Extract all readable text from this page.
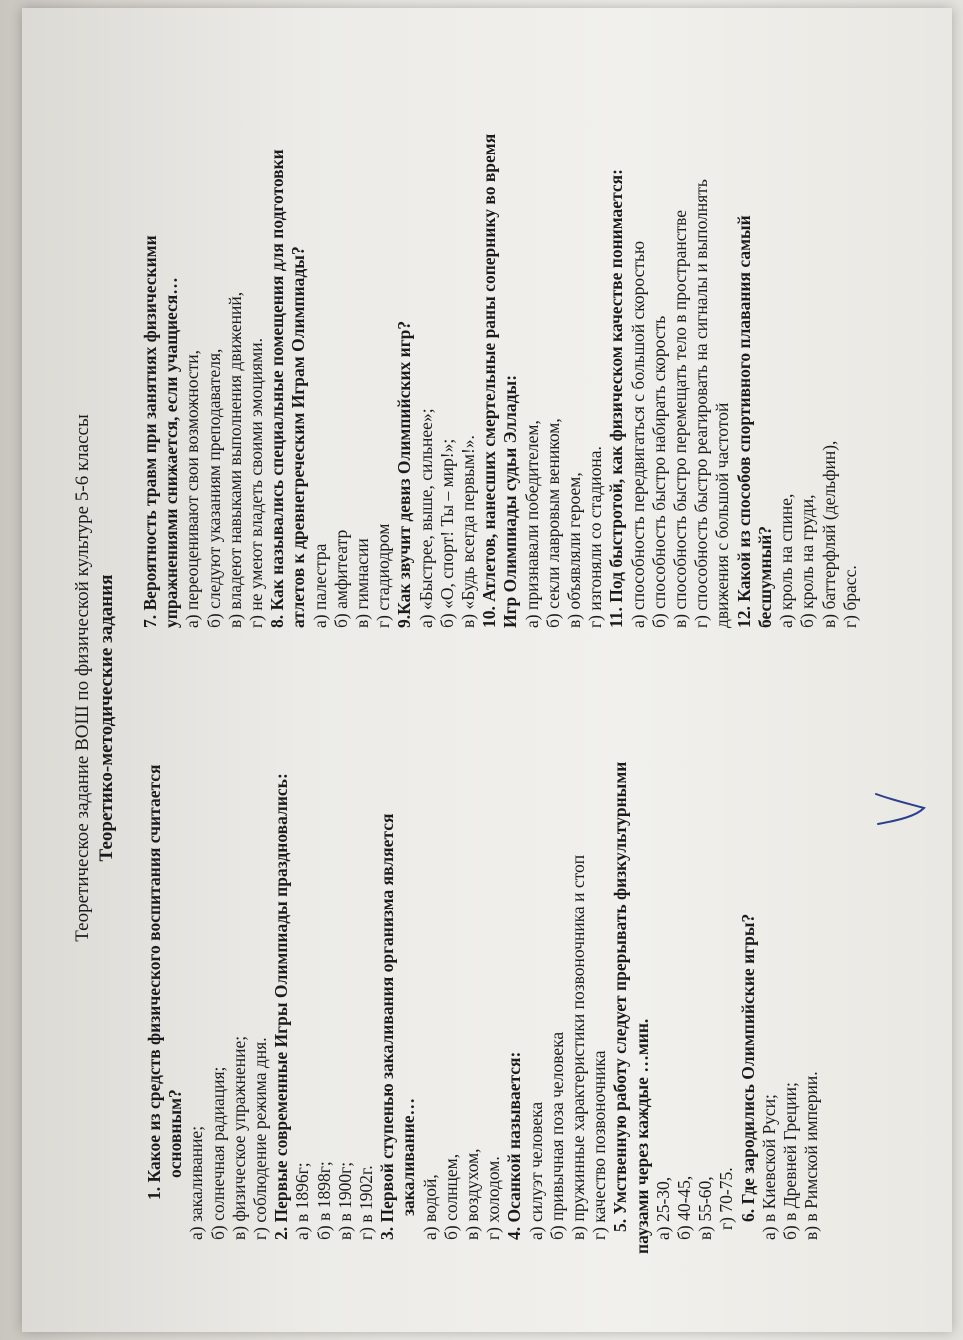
Теоретическое задание ВОШ по физической культуре 5-6 классы Теоретико-методические задания
1. Какое из средств физического воспитания считается основным? а) закаливание; б) солнечная радиация; в) физическое упражнение; г) соблюдение режима дня. 2. Первые современные Игры Олимпиады праздновались: а) в 1896г; б) в 1898г; в) в 1900г; г) в 1902г. 3. Первой ступенью закаливания организма является закаливание… а) водой, б) солнцем, в) воздухом, г) холодом. 4. Осанкой называется: а) силуэт человека б) привычная поза человека в) пружинные характеристики позвоночника и стоп г) качество позвоночника 5. Умственную работу следует прерывать физкультурными паузами через каждые …мин. а) 25-30, б) 40-45, в) 55-60, г) 70-75. 6. Где зародились Олимпийские игры? а) в Киевской Руси; б) в Древней Греции; в) в Римской империи.
7. Вероятность травм при занятиях физическими упражнениями снижается, если учащиеся… а) переоценивают свои возможности, б) следуют указаниям преподавателя, в) владеют навыками выполнения движений, г) не умеют владеть своими эмоциями. 8. Как назывались специальные помещения для подготовки атлетов к древнегреческим Играм Олимпиады? а) палестра б) амфитеатр в) гимнасии г) стадиодром 9.Как звучит девиз Олимпийских игр? а) «Быстрее, выше, сильнее»; б) «О, спорт! Ты – мир!»; в) «Будь всегда первым!». 10. Атлетов, нанесших смертельные раны сопернику во время Игр Олимпиады судьи Эллады: а) признавали победителем, б) секли лавровым веником, в) объявляли героем, г) изгоняли со стадиона. 11. Под быстротой, как физическом качестве понимается: а) способность передвигаться с большой скоростью б) способность быстро набирать скорость в) способность быстро перемещать тело в пространстве г) способность быстро реагировать на сигналы и выполнять движения с большой частотой 12. Какой из способов спортивного плавания самый бесшумный? а) кроль на спине, б) кроль на груди, в) баттерфляй (дельфин), г) брасс.
